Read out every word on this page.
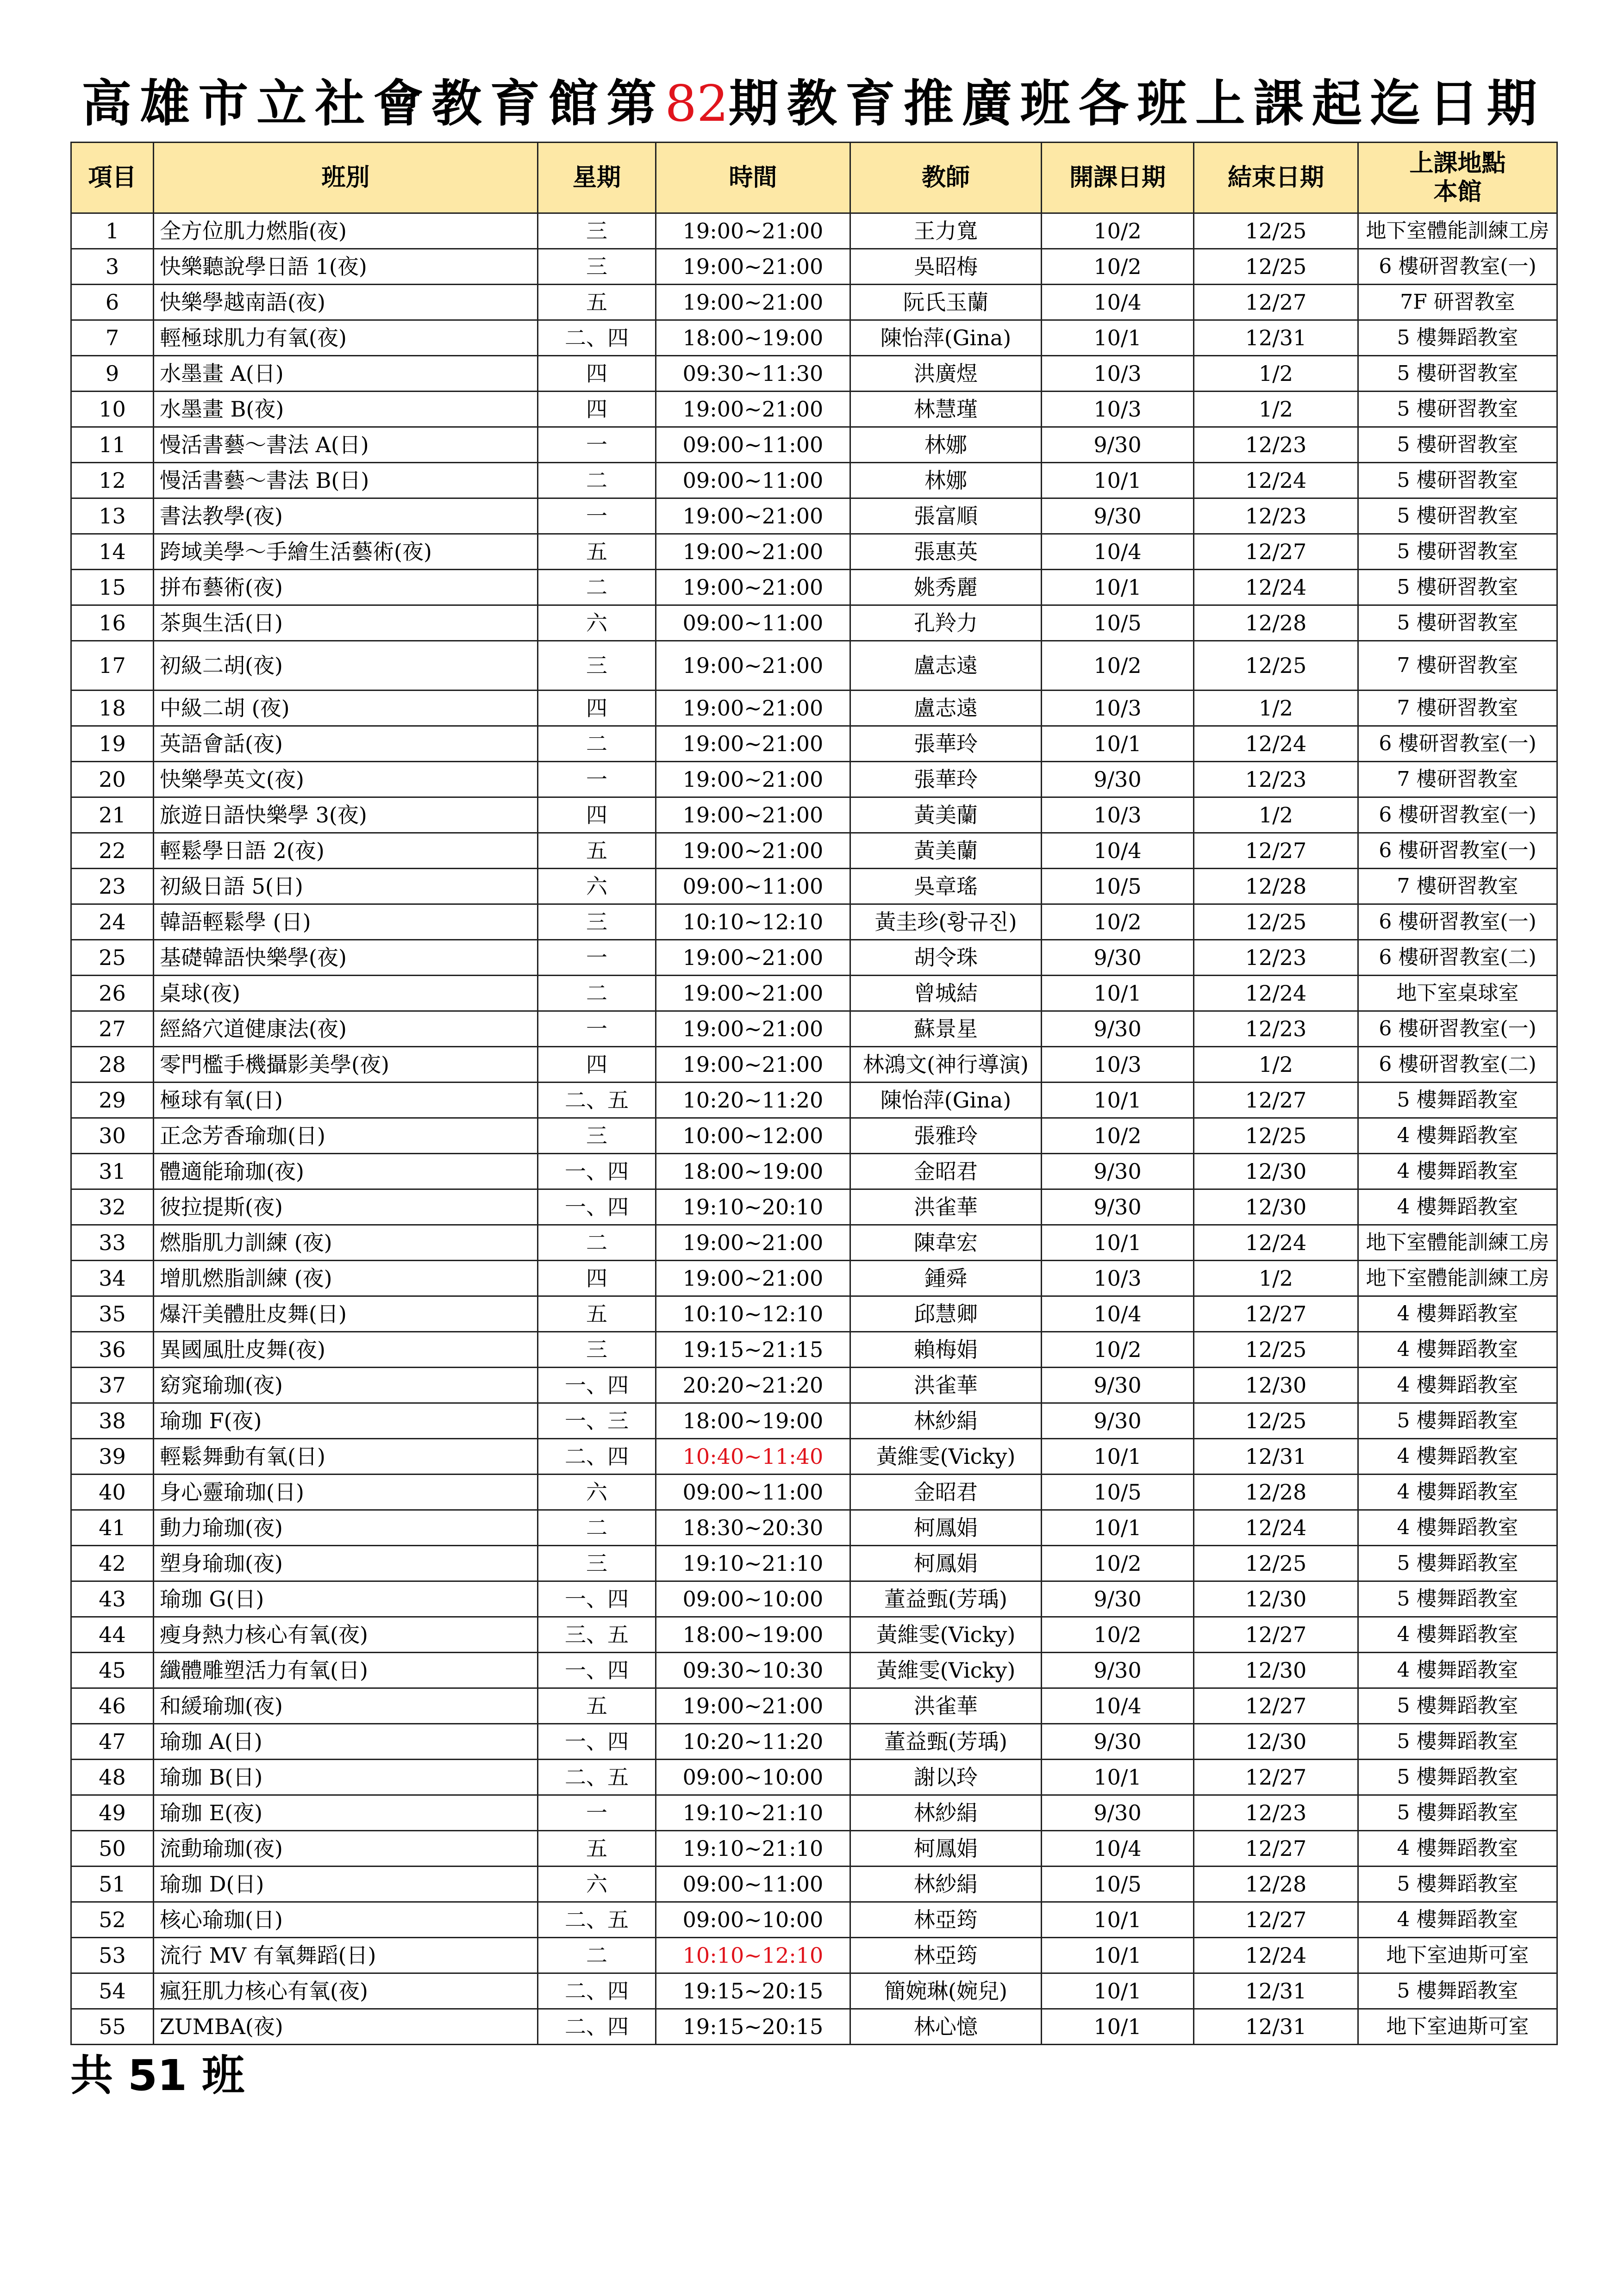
高雄市立社會教育館第82期教育推廣班各班上課起迄日期
項目	班別	星期	時間	教師	開課日期	結束日期	上課地點
本館
1	全方位肌力燃脂(夜)	三	19:00~21:00	王力寬	10/2	12/25	地下室體能訓練工房
3	快樂聽說學日語 1(夜)	三	19:00~21:00	吳昭梅	10/2	12/25	6 樓研習教室(一)
6	快樂學越南語(夜)	五	19:00~21:00	阮氏玉蘭	10/4	12/27	7F 研習教室
7	輕極球肌力有氧(夜)	二、四	18:00~19:00	陳怡萍(Gina)	10/1	12/31	5 樓舞蹈教室
9	水墨畫 A(日)	四	09:30~11:30	洪廣煜	10/3	1/2	5 樓研習教室
10	水墨畫 B(夜)	四	19:00~21:00	林慧瑾	10/3	1/2	5 樓研習教室
11	慢活書藝～書法 A(日)	一	09:00~11:00	林娜	9/30	12/23	5 樓研習教室
12	慢活書藝～書法 B(日)	二	09:00~11:00	林娜	10/1	12/24	5 樓研習教室
13	書法教學(夜)	一	19:00~21:00	張富順	9/30	12/23	5 樓研習教室
14	跨域美學～手繪生活藝術(夜)	五	19:00~21:00	張惠英	10/4	12/27	5 樓研習教室
15	拼布藝術(夜)	二	19:00~21:00	姚秀麗	10/1	12/24	5 樓研習教室
16	茶與生活(日)	六	09:00~11:00	孔羚力	10/5	12/28	5 樓研習教室
17	初級二胡(夜)	三	19:00~21:00	盧志遠	10/2	12/25	7 樓研習教室
18	中級二胡 (夜)	四	19:00~21:00	盧志遠	10/3	1/2	7 樓研習教室
19	英語會話(夜)	二	19:00~21:00	張華玲	10/1	12/24	6 樓研習教室(一)
20	快樂學英文(夜)	一	19:00~21:00	張華玲	9/30	12/23	7 樓研習教室
21	旅遊日語快樂學 3(夜)	四	19:00~21:00	黃美蘭	10/3	1/2	6 樓研習教室(一)
22	輕鬆學日語 2(夜)	五	19:00~21:00	黃美蘭	10/4	12/27	6 樓研習教室(一)
23	初級日語 5(日)	六	09:00~11:00	吳章瑤	10/5	12/28	7 樓研習教室
24	韓語輕鬆學 (日)	三	10:10~12:10	黃圭珍(황규진)	10/2	12/25	6 樓研習教室(一)
25	基礎韓語快樂學(夜)	一	19:00~21:00	胡令珠	9/30	12/23	6 樓研習教室(二)
26	桌球(夜)	二	19:00~21:00	曾城結	10/1	12/24	地下室桌球室
27	經絡穴道健康法(夜)	一	19:00~21:00	蘇景星	9/30	12/23	6 樓研習教室(一)
28	零門檻手機攝影美學(夜)	四	19:00~21:00	林鴻文(神行導演)	10/3	1/2	6 樓研習教室(二)
29	極球有氧(日)	二、五	10:20~11:20	陳怡萍(Gina)	10/1	12/27	5 樓舞蹈教室
30	正念芳香瑜珈(日)	三	10:00~12:00	張雅玲	10/2	12/25	4 樓舞蹈教室
31	體適能瑜珈(夜)	一、四	18:00~19:00	金昭君	9/30	12/30	4 樓舞蹈教室
32	彼拉提斯(夜)	一、四	19:10~20:10	洪雀華	9/30	12/30	4 樓舞蹈教室
33	燃脂肌力訓練 (夜)	二	19:00~21:00	陳韋宏	10/1	12/24	地下室體能訓練工房
34	增肌燃脂訓練 (夜)	四	19:00~21:00	鍾舜	10/3	1/2	地下室體能訓練工房
35	爆汗美體肚皮舞(日)	五	10:10~12:10	邱慧卿	10/4	12/27	4 樓舞蹈教室
36	異國風肚皮舞(夜)	三	19:15~21:15	賴梅娟	10/2	12/25	4 樓舞蹈教室
37	窈窕瑜珈(夜)	一、四	20:20~21:20	洪雀華	9/30	12/30	4 樓舞蹈教室
38	瑜珈 F(夜)	一、三	18:00~19:00	林紗絹	9/30	12/25	5 樓舞蹈教室
39	輕鬆舞動有氧(日)	二、四	10:40~11:40	黃維雯(Vicky)	10/1	12/31	4 樓舞蹈教室
40	身心靈瑜珈(日)	六	09:00~11:00	金昭君	10/5	12/28	4 樓舞蹈教室
41	動力瑜珈(夜)	二	18:30~20:30	柯鳳娟	10/1	12/24	4 樓舞蹈教室
42	塑身瑜珈(夜)	三	19:10~21:10	柯鳳娟	10/2	12/25	5 樓舞蹈教室
43	瑜珈 G(日)	一、四	09:00~10:00	董益甄(芳瑀)	9/30	12/30	5 樓舞蹈教室
44	瘦身熱力核心有氧(夜)	三、五	18:00~19:00	黃維雯(Vicky)	10/2	12/27	4 樓舞蹈教室
45	纖體雕塑活力有氧(日)	一、四	09:30~10:30	黃維雯(Vicky)	9/30	12/30	4 樓舞蹈教室
46	和緩瑜珈(夜)	五	19:00~21:00	洪雀華	10/4	12/27	5 樓舞蹈教室
47	瑜珈 A(日)	一、四	10:20~11:20	董益甄(芳瑀)	9/30	12/30	5 樓舞蹈教室
48	瑜珈 B(日)	二、五	09:00~10:00	謝以玲	10/1	12/27	5 樓舞蹈教室
49	瑜珈 E(夜)	一	19:10~21:10	林紗絹	9/30	12/23	5 樓舞蹈教室
50	流動瑜珈(夜)	五	19:10~21:10	柯鳳娟	10/4	12/27	4 樓舞蹈教室
51	瑜珈 D(日)	六	09:00~11:00	林紗絹	10/5	12/28	5 樓舞蹈教室
52	核心瑜珈(日)	二、五	09:00~10:00	林亞筠	10/1	12/27	4 樓舞蹈教室
53	流行 MV 有氧舞蹈(日)	二	10:10~12:10	林亞筠	10/1	12/24	地下室迪斯可室
54	瘋狂肌力核心有氧(夜)	二、四	19:15~20:15	簡婉琳(婉兒)	10/1	12/31	5 樓舞蹈教室
55	ZUMBA(夜)	二、四	19:15~20:15	林心憶	10/1	12/31	地下室迪斯可室
共 51 班
